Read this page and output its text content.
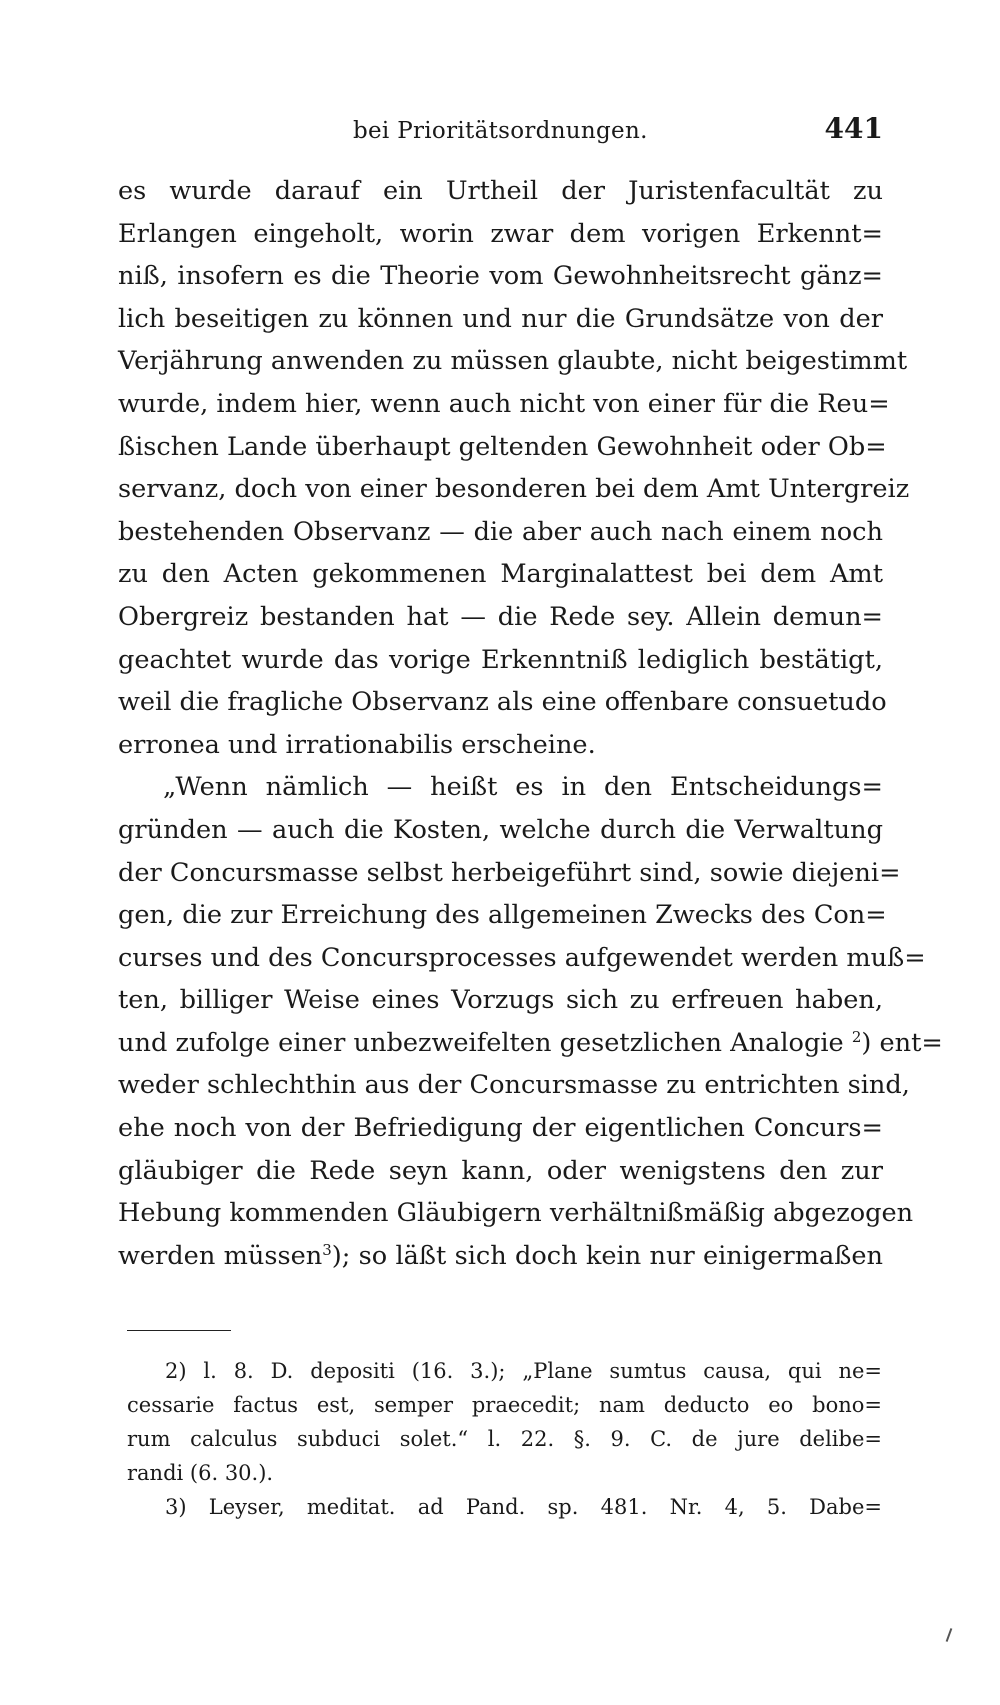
bei Prioritätsordnungen.	441
es wurde darauf ein Urtheil der Juristenfacultät zu
Erlangen eingeholt, worin zwar dem vorigen Erkennt=
niß, insofern es die Theorie vom Gewohnheitsrecht gänz=
lich beseitigen zu können und nur die Grundsätze von der
Verjährung anwenden zu müssen glaubte, nicht beigestimmt
wurde, indem hier, wenn auch nicht von einer für die Reu=
ßischen Lande überhaupt geltenden Gewohnheit oder Ob=
servanz, doch von einer besonderen bei dem Amt Untergreiz
bestehenden Observanz — die aber auch nach einem noch
zu den Acten gekommenen Marginalattest bei dem Amt
Obergreiz bestanden hat — die Rede sey. Allein demun=
geachtet wurde das vorige Erkenntniß lediglich bestätigt,
weil die fragliche Observanz als eine offenbare consuetudo
erronea und irrationabilis erscheine.
„Wenn nämlich — heißt es in den Entscheidungs=
gründen — auch die Kosten, welche durch die Verwaltung
der Concursmasse selbst herbeigeführt sind, sowie diejeni=
gen, die zur Erreichung des allgemeinen Zwecks des Con=
curses und des Concursprocesses aufgewendet werden muß=
ten, billiger Weise eines Vorzugs sich zu erfreuen haben,
und zufolge einer unbezweifelten gesetzlichen Analogie $^2$) ent=
weder schlechthin aus der Concursmasse zu entrichten sind,
ehe noch von der Befriedigung der eigentlichen Concurs=
gläubiger die Rede seyn kann, oder wenigstens den zur
Hebung kommenden Gläubigern verhältnißmäßig abgezogen
werden müssen$^3$); so läßt sich doch kein nur einigermaßen
2) l. 8. D. depositi (16. 3.); „Plane sumtus causa, qui ne=
cessarie factus est, semper praecedit; nam deducto eo bono=
rum calculus subduci solet.“ l. 22. §. 9. C. de jure delibe=
randi (6. 30.).
3) Leyser, meditat. ad Pand. sp. 481. Nr. 4, 5. Dabe=
